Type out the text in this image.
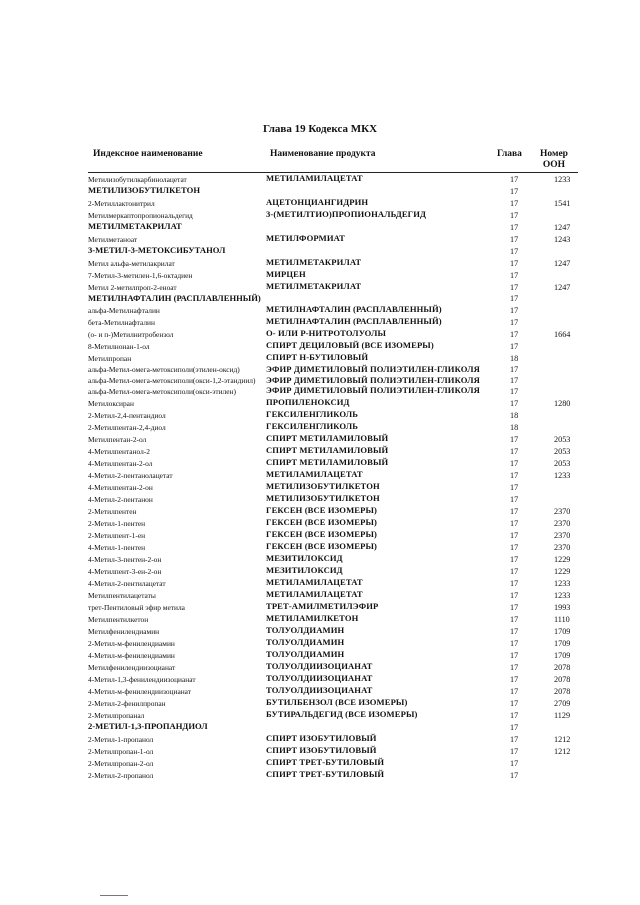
Глава 19 Кодекса МКХ
Индексное наименование	Наименование продукта	Глава	Номер ООН
Метилизобутилкарбинолацетат	МЕТИЛАМИЛАЦЕТАТ	17	1233
МЕТИЛИЗОБУТИЛКЕТОН		17	
2-Метиллактонитрил	АЦЕТОНЦИАНГИДРИН	17	1541
Метилмеркаптопропиональдегид	3-(МЕТИЛТИО)ПРОПИОНАЛЬДЕГИД	17	
МЕТИЛМЕТАКРИЛАТ		17	1247
Метилметаноат	МЕТИЛФОРМИАТ	17	1243
3-МЕТИЛ-3-МЕТОКСИБУТАНОЛ		17	
Метил альфа-метилакрилат	МЕТИЛМЕТАКРИЛАТ	17	1247
7-Метил-3-метилен-1,6-октадиен	МИРЦЕН	17	
Метил 2-метилпроп-2-еноат	МЕТИЛМЕТАКРИЛАТ	17	1247
МЕТИЛНАФТАЛИН (РАСПЛАВЛЕННЫЙ)		17	
альфа-Метилнафталин	МЕТИЛНАФТАЛИН (РАСПЛАВЛЕННЫЙ)	17	
бета-Метилнафталин	МЕТИЛНАФТАЛИН (РАСПЛАВЛЕННЫЙ)	17	
(о- и п-)Метилнитробензол	О- ИЛИ Р-НИТРОТОЛУОЛЫ	17	1664
8-Метилнонан-1-ол	СПИРТ ДЕЦИЛОВЫЙ (ВСЕ ИЗОМЕРЫ)	17	
Метилпропан	СПИРТ Н-БУТИЛОВЫЙ	18	
альфа-Метил-омега-метоксиполи(этилен-оксид)	ЭФИР ДИМЕТИЛОВЫЙ ПОЛИЭТИЛЕН-ГЛИКОЛЯ	17	
альфа-Метил-омега-метоксиполи(окси-1,2-этандиил)	ЭФИР ДИМЕТИЛОВЫЙ ПОЛИЭТИЛЕН-ГЛИКОЛЯ	17	
альфа-Метил-омега-метоксиполи(окси-этилен)	ЭФИР ДИМЕТИЛОВЫЙ ПОЛИЭТИЛЕН-ГЛИКОЛЯ	17	
Метилоксиран	ПРОПИЛЕНОКСИД	17	1280
2-Метил-2,4-пентандиол	ГЕКСИЛЕНГЛИКОЛЬ	18	
2-Метилпентан-2,4-диол	ГЕКСИЛЕНГЛИКОЛЬ	18	
Метилпентан-2-ол	СПИРТ МЕТИЛАМИЛОВЫЙ	17	2053
4-Метилпентанол-2	СПИРТ МЕТИЛАМИЛОВЫЙ	17	2053
4-Метилпентан-2-ол	СПИРТ МЕТИЛАМИЛОВЫЙ	17	2053
4-Метил-2-пентанолацетат	МЕТИЛАМИЛАЦЕТАТ	17	1233
4-Метилпентан-2-он	МЕТИЛИЗОБУТИЛКЕТОН	17	
4-Метил-2-пентанон	МЕТИЛИЗОБУТИЛКЕТОН	17	
2-Метилпентен	ГЕКСЕН (ВСЕ ИЗОМЕРЫ)	17	2370
2-Метил-1-пентен	ГЕКСЕН (ВСЕ ИЗОМЕРЫ)	17	2370
2-Метилпент-1-ен	ГЕКСЕН (ВСЕ ИЗОМЕРЫ)	17	2370
4-Метил-1-пентен	ГЕКСЕН (ВСЕ ИЗОМЕРЫ)	17	2370
4-Метил-3-пентен-2-он	МЕЗИТИЛОКСИД	17	1229
4-Метилпент-3-ен-2-он	МЕЗИТИЛОКСИД	17	1229
4-Метил-2-пентилацетат	МЕТИЛАМИЛАЦЕТАТ	17	1233
Метилпентилацетаты	МЕТИЛАМИЛАЦЕТАТ	17	1233
трет-Пентиловый эфир метила	ТРЕТ-АМИЛМЕТИЛЭФИР	17	1993
Метилпентилкетон	МЕТИЛАМИЛКЕТОН	17	1110
Метилфенилендиамин	ТОЛУОЛДИАМИН	17	1709
2-Метил-м-фенилендиамин	ТОЛУОЛДИАМИН	17	1709
4-Метил-м-фенилендиамин	ТОЛУОЛДИАМИН	17	1709
Метилфенилендиизоцианат	ТОЛУОЛДИИЗОЦИАНАТ	17	2078
4-Метил-1,3-фенилендиизоцианат	ТОЛУОЛДИИЗОЦИАНАТ	17	2078
4-Метил-м-фенилендиизоцианат	ТОЛУОЛДИИЗОЦИАНАТ	17	2078
2-Метил-2-фенилпропан	БУТИЛБЕНЗОЛ (ВСЕ ИЗОМЕРЫ)	17	2709
2-Метилпропанал	БУТИРАЛЬДЕГИД (ВСЕ ИЗОМЕРЫ)	17	1129
2-МЕТИЛ-1,3-ПРОПАНДИОЛ		17	
2-Метил-1-пропанол	СПИРТ ИЗОБУТИЛОВЫЙ	17	1212
2-Метилпропан-1-ол	СПИРТ ИЗОБУТИЛОВЫЙ	17	1212
2-Метилпропан-2-ол	СПИРТ ТРЕТ-БУТИЛОВЫЙ	17	
2-Метил-2-пропанол	СПИРТ ТРЕТ-БУТИЛОВЫЙ	17	
